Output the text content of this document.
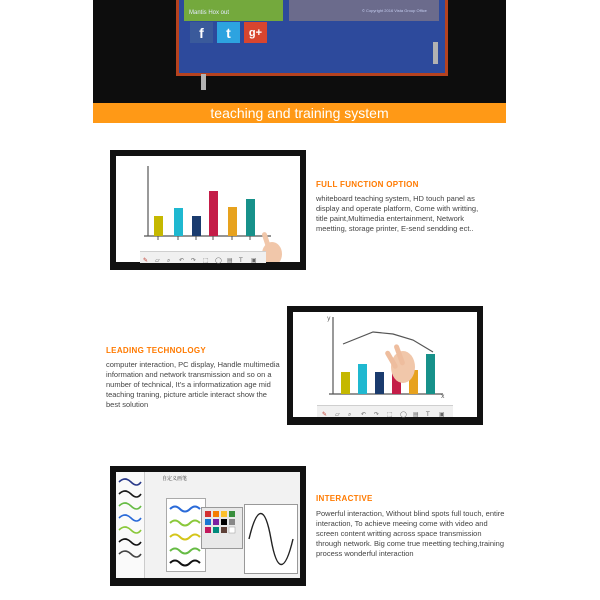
Mantis Hox out	© Copyright 2016 Vista Group Office
f	t	g+
teaching and training system
✎ ▱ ⌕ ↶ ↷ ⬚ ◯ ▤ T ▣
FULL FUNCTION OPTION
whiteboard teaching system, HD touch panel as display and operate platform, Come with writting, title paint,Multimedia entertainment, Network meetting, storage printer, E-send sendding ect..
y
x
✎ ▱ ⌕ ↶ ↷ ⬚ ◯ ▤ T ▣
LEADING TECHNOLOGY
computer interaction, PC display, Handle multimedia information and network transmission and so on a number of technical, It's a informatization age mid teaching traning, picture article interact show the best solution
自定义画笔
INTERACTIVE
Powerful interaction, Without blind spots full touch, entire interaction, To achieve meeing come with video and screen content writting across space transmission through network. Big come true meetting teching,training process wonderful interaction
